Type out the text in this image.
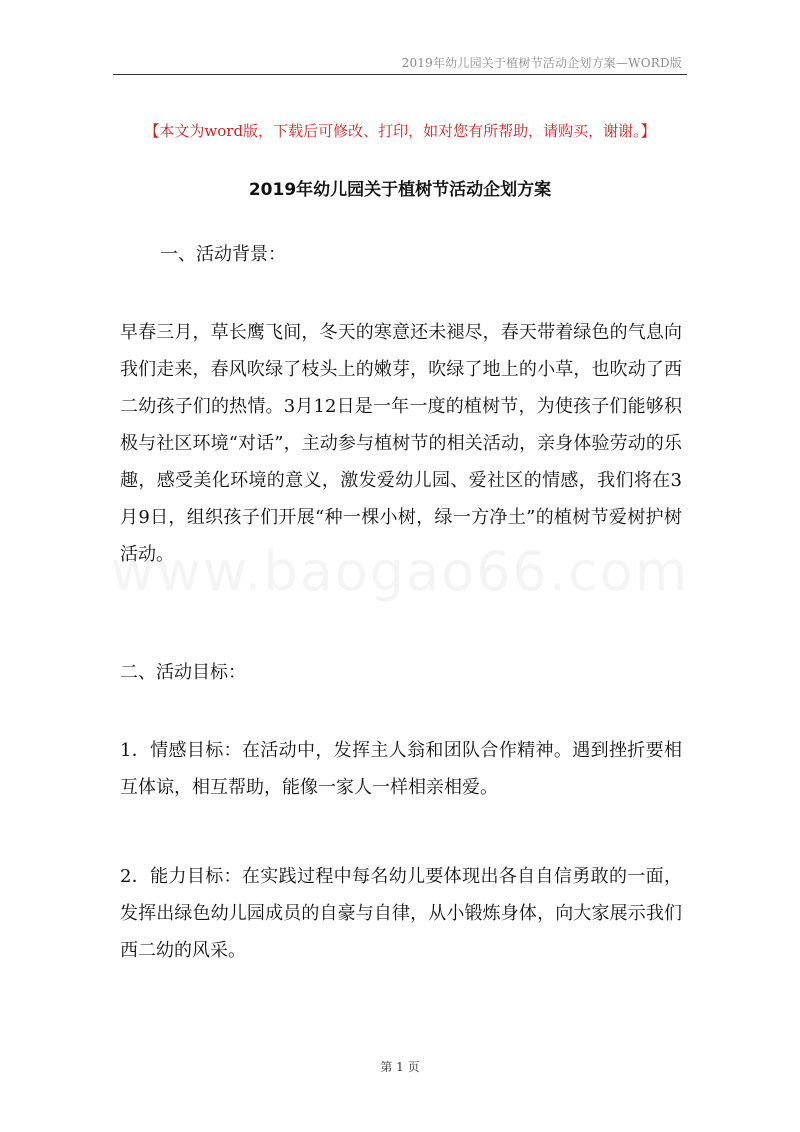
2019年幼儿园关于植树节活动企划方案—WORD版
【本文为word版，下载后可修改、打印，如对您有所帮助，请购买，谢谢。】
2019年幼儿园关于植树节活动企划方案
一、活动背景：
早春三月，草长鹰飞间，冬天的寒意还未褪尽，春天带着绿色的气息向我们走来，春风吹绿了枝头上的嫩芽，吹绿了地上的小草，也吹动了西二幼孩子们的热情。3月12日是一年一度的植树节，为使孩子们能够积极与社区环境“对话”，主动参与植树节的相关活动，亲身体验劳动的乐趣，感受美化环境的意义，激发爱幼儿园、爱社区的情感，我们将在3月9日，组织孩子们开展“种一棵小树，绿一方净土”的植树节爱树护树活动。
二、活动目标：
1．情感目标：在活动中，发挥主人翁和团队合作精神。遇到挫折要相互体谅，相互帮助，能像一家人一样相亲相爱。
2．能力目标：在实践过程中每名幼儿要体现出各自自信勇敢的一面，发挥出绿色幼儿园成员的自豪与自律，从小锻炼身体，向大家展示我们西二幼的风采。
第 1 页
